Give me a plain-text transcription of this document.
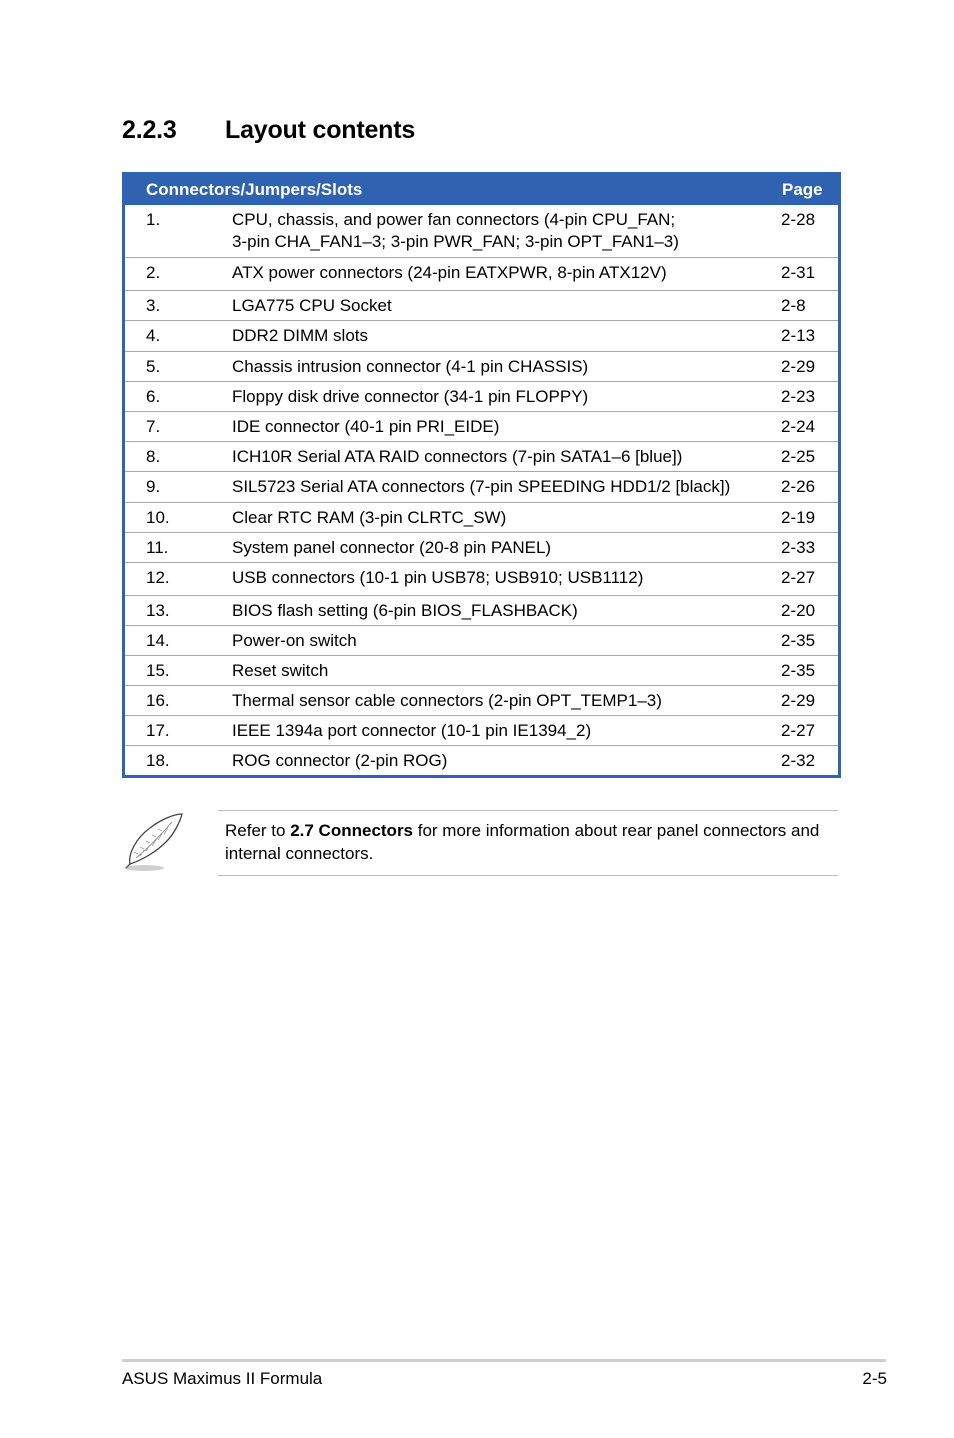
2.2.3 Layout contents
Connectors/Jumpers/Slots	Page
1.	CPU, chassis, and power fan connectors (4-pin CPU_FAN;
3-pin CHA_FAN1–3; 3-pin PWR_FAN; 3-pin OPT_FAN1–3)
2-28
2.	ATX power connectors (24-pin EATXPWR, 8-pin ATX12V)	2-31
3.	LGA775 CPU Socket	2-8
4.	DDR2 DIMM slots	2-13
5.	Chassis intrusion connector (4-1 pin CHASSIS)	2-29
6.	Floppy disk drive connector (34-1 pin FLOPPY)	2-23
7.	IDE connector (40-1 pin PRI_EIDE)	2-24
8.	ICH10R Serial ATA RAID connectors (7-pin SATA1–6 [blue])	2-25
9.	SIL5723 Serial ATA connectors (7-pin SPEEDING HDD1/2 [black])	2-26
10.	Clear RTC RAM (3-pin CLRTC_SW)	2-19
11.	System panel connector (20-8 pin PANEL)	2-33
12.	USB connectors (10-1 pin USB78; USB910; USB1112)	2-27
13.	BIOS flash setting (6-pin BIOS_FLASHBACK)	2-20
14.	Power-on switch	2-35
15.	Reset switch	2-35
16.	Thermal sensor cable connectors (2-pin OPT_TEMP1–3)	2-29
17.	IEEE 1394a port connector (10-1 pin IE1394_2)	2-27
18.	ROG connector (2-pin ROG)	2-32
Refer to 2.7 Connectors for more information about rear panel connectors and internal connectors.
ASUS Maximus II Formula	2-5
